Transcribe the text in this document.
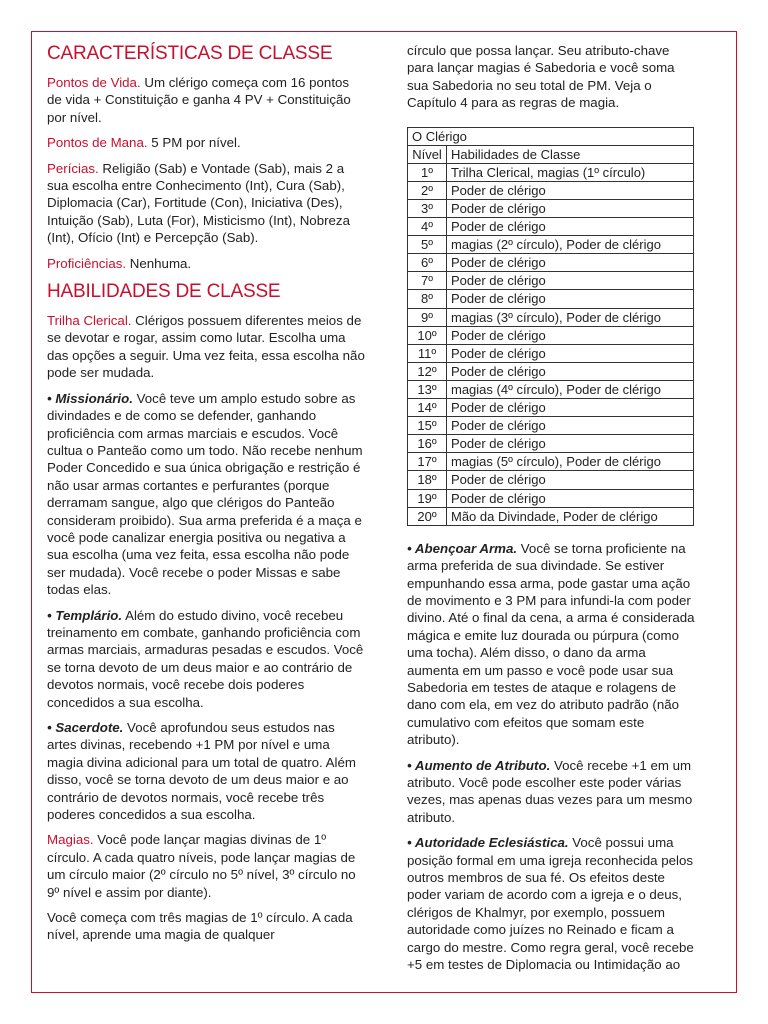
CARACTERÍSTICAS DE CLASSE

Pontos de Vida. Um clérigo começa com 16 pontos de vida + Constituição e ganha 4 PV + Constituição por nível.

Pontos de Mana. 5 PM por nível.

Perícias. Religião (Sab) e Vontade (Sab), mais 2 a sua escolha entre Conhecimento (Int), Cura (Sab), Diplomacia (Car), Fortitude (Con), Iniciativa (Des), Intuição (Sab), Luta (For), Misticismo (Int), Nobreza (Int), Ofício (Int) e Percepção (Sab).

Proficiências. Nenhuma.

HABILIDADES DE CLASSE

Trilha Clerical. Clérigos possuem diferentes meios de se devotar e rogar, assim como lutar. Escolha uma das opções a seguir. Uma vez feita, essa escolha não pode ser mudada.

• Missionário. Você teve um amplo estudo sobre as divindades e de como se defender, ganhando proficiência com armas marciais e escudos. Você cultua o Panteão como um todo. Não recebe nenhum Poder Concedido e sua única obrigação e restrição é não usar armas cortantes e perfurantes (porque derramam sangue, algo que clérigos do Panteão consideram proibido). Sua arma preferida é a maça e você pode canalizar energia positiva ou negativa a sua escolha (uma vez feita, essa escolha não pode ser mudada). Você recebe o poder Missas e sabe todas elas.

• Templário. Além do estudo divino, você recebeu treinamento em combate, ganhando proficiência com armas marciais, armaduras pesadas e escudos. Você se torna devoto de um deus maior e ao contrário de devotos normais, você recebe dois poderes concedidos a sua escolha.

• Sacerdote. Você aprofundou seus estudos nas artes divinas, recebendo +1 PM por nível e uma magia divina adicional para um total de quatro. Além disso, você se torna devoto de um deus maior e ao contrário de devotos normais, você recebe três poderes concedidos a sua escolha.

Magias. Você pode lançar magias divinas de 1º círculo. A cada quatro níveis, pode lançar magias de um círculo maior (2º círculo no 5º nível, 3º círculo no 9º nível e assim por diante).

Você começa com três magias de 1º círculo. A cada nível, aprende uma magia de qualquer

círculo que possa lançar. Seu atributo-chave para lançar magias é Sabedoria e você soma sua Sabedoria no seu total de PM. Veja o Capítulo 4 para as regras de magia.

O Clérigo	
Nível	Habilidades de Classe
1º	Trilha Clerical, magias (1º círculo)
2º	Poder de clérigo
3º	Poder de clérigo
4º	Poder de clérigo
5º	magias (2º círculo), Poder de clérigo
6º	Poder de clérigo
7º	Poder de clérigo
8º	Poder de clérigo
9º	magias (3º círculo), Poder de clérigo
10º	Poder de clérigo
11º	Poder de clérigo
12º	Poder de clérigo
13º	magias (4º círculo), Poder de clérigo
14º	Poder de clérigo
15º	Poder de clérigo
16º	Poder de clérigo
17º	magias (5º círculo), Poder de clérigo
18º	Poder de clérigo
19º	Poder de clérigo
20º	Mão da Divindade, Poder de clérigo

• Abençoar Arma. Você se torna proficiente na arma preferida de sua divindade. Se estiver empunhando essa arma, pode gastar uma ação de movimento e 3 PM para infundi-la com poder divino. Até o final da cena, a arma é considerada mágica e emite luz dourada ou púrpura (como uma tocha). Além disso, o dano da arma aumenta em um passo e você pode usar sua Sabedoria em testes de ataque e rolagens de dano com ela, em vez do atributo padrão (não cumulativo com efeitos que somam este atributo).

• Aumento de Atributo. Você recebe +1 em um atributo. Você pode escolher este poder várias vezes, mas apenas duas vezes para um mesmo atributo.

• Autoridade Eclesiástica. Você possui uma posição formal em uma igreja reconhecida pelos outros membros de sua fé. Os efeitos deste poder variam de acordo com a igreja e o deus, clérigos de Khalmyr, por exemplo, possuem autoridade como juízes no Reinado e ficam a cargo do mestre. Como regra geral, você recebe +5 em testes de Diplomacia ou Intimidação ao
